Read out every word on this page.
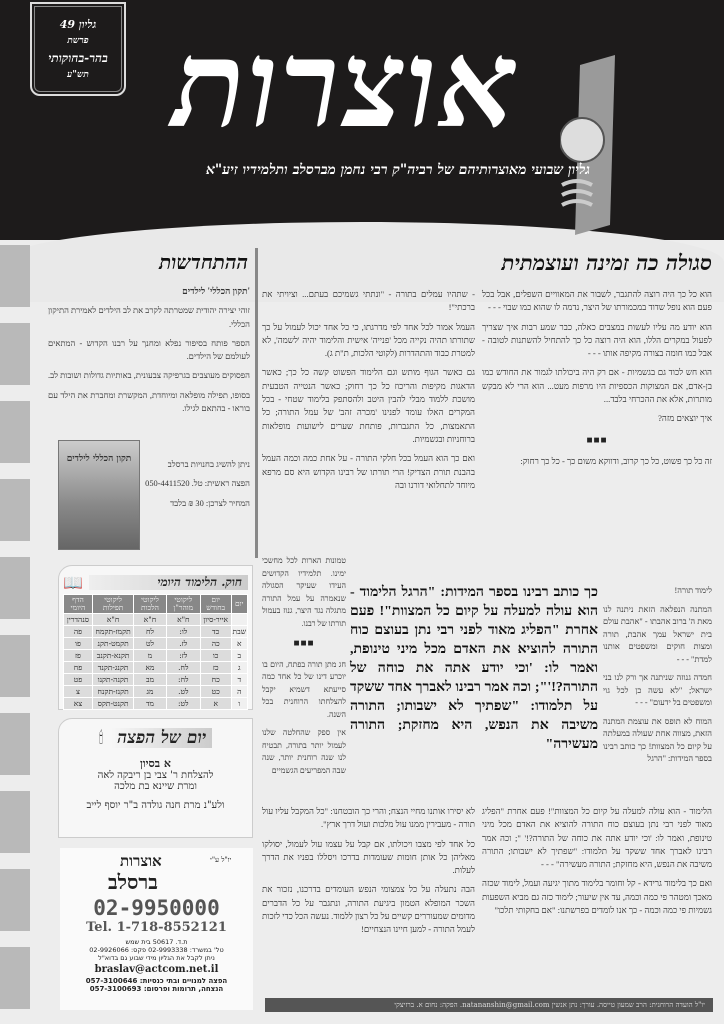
גליון 49
פרשת
בהר-בחוקותי
תש"ע אוצרות
גליון שבועי מאוצרותיהם של רביה"ק רבי נחמן מברסלב ותלמידיו זיע"א
סגולה כה זמינה ועוצמתית

הוא כל כך היה רוצה להתגבר, לשבור את המאוויים השפלים, אבל בכל פעם הוא נופל שדוד במכמורתו של היצר, נדמה לו שהוא כמו שבוי - - -

הוא יודע מה עליו לעשות במצבים כאלה, כבר שמע רבות איך שצריך לפעול במקרים הללו, הוא היה רוצה כל כך להתחיל להשתנות לטובה - אבל כמו חומה בצורה מקיפה אותו - - -

הוא חש לכוד גם בגשמיות - אם רק היה ביכולתו לגמור את החודש כמו בן-אדם, אם המצוקות הכספיות היו מרפות מעט... הוא הרי לא מבקש מותרות, אלא את ההכרחי בלבד...

איך יוצאים מזה?

■■■

זה כל כך פשוט, כל כך קרוב, ודווקא משום כך - כל כך רחוק:

לימוד תורה!

המתנה הנפלאה הזאת ניתנה לנו מאת ה' ברוב אהבתו - "אהבת עולם בית ישראל עמך אהבת, תורה ומצות חוקים ומשפטים אותנו למדת" - - -

חמדה גנוזה שניתנה אך ורק לנו בני ישראל; "לא עשה כן לכל גוי ומשפטים בל ידעום" - - -

המוח לא תופס את עוצמת המתנה הזאת, מצווה אחת שעולה במעלתה על קיום כל המצוות! כך כותב רבינו בספר המידות: "הרגל

הלימוד - הוא עולה למעלה על קיום כל המצוות"! פעם אחרת "הפליג מאוד לפני רבי נתן בעוצם כוח התורה להוציא את האדם מכל מיני טינופת, ואמר לו: 'וכי יודע אתה את כוחה של התורה?!' "; וכה אמר רבינו לאברך אחד ששקד על תלמודו: "שפתיך לא ישבותו; התורה משיבה את הנפש, היא מחזקת; התורה מעשירה" - - -

ואם כך בלימוד גרידא - קל וחומר בלימוד מתוך יגיעה ועמל, לימוד שכזה מאכך ומטהר פי כמה וכמה, עד אין שיעור; לימוד כזה גם מביא השפעות גשמיות פי כמה וכמה - כך אנו לומדים בפרשתנו: "אם בחקותי תלכו"

- שתהיו עמלים בתורה - "ונתתי גשמיכם בעתם... וציויתי את ברכתי"!

העמל אמור לכל אחד לפי מדרגתו, כי כל אחד יכול לעמול על כך שתורתו תהיה נקייה מכל 'פנייה' אישית והלימוד יהיה 'לשמה', לא למטרת כבוד והתהדרות (לקוטי הלכות, ת"ת ג).

גם כאשר הגוף מותש וגם הלימוד הפשוט קשה כל כך; כאשר הדאגות מקיפות והריכוז כל כך רחוק; כאשר הנטייה הטבעית מושכת ללמוד מבלי להבין היטב ולהסתפק בלימוד שטחי - בכל המקרים האלו עומד לפנינו 'מכרה זהב' של עמל התורה; כל התאמצות, כל התגברות, פותחת שערים לישועות מופלאות ברוחניות ובגשמיות.

ואם כך הוא העמל בכל חלקי התורה - על אחת כמה וכמה העמל בהבנת תורת הצדיק! הרי תורתו של רבינו הקדוש היא סם מרפא מיוחד לתחלואי דורנו ובה

טמונות הארות לכל מחשכי ימינו. תלמידיו הקדושים העידו שעיקר הסגולה שנאמרה על עמל התורה מתגלה נגד היצר, גנוז בעמול תורתו של רבנו.

■■■

חג מתן תורה בפתח, היום בו יוכרע דינו של כל אחד כמה סייעתא דשמיא יקבל להצלחתו הרוחנית בכל השנה.

אין ספק שהחלטה שלנו לעמול יותר בתורה, תבטיח לנו שנה רוחנית יותר, שנה שבה המפריעים הגשמיים

כך כותב רבינו בספר המידות: "הרגל הלימוד - הוא עולה למעלה על קיום כל המצוות"! פעם אחרת "הפליג מאוד לפני רבי נתן בעוצם כוח התורה להוציא את האדם מכל מיני טינופת, ואמר לו: 'וכי יודע אתה את כוחה של התורה?!'"; וכה אמר רבינו לאברך אחד ששקד על תלמודו: "שפתיך לא ישבותו; התורה משיבה את הנפש, היא מחזקת; התורה מעשירה"

לא יסירו אותנו מחיי הנצח; והרי כך הובטחנו: "כל המקבל עליו עול תורה - מעבירין ממנו עול מלכות ועול דרך ארץ".

כל אחד לפי מצבו ויכולתו, אם קבל על עצמו עול לעמול, יסולקו מאליהן כל אותן חומות שעומדות בדרכו ויסללו בפניו את הדרך לעלות.

הבה נתעלה על כל צמצומי הנפש העומדים בדרכנו, נזכור את השכר המופלא הטמון ביגיעת התורה, ונתגבר על כל הדברים מדומים שמעוררים קשיים על כל רצון ללמוד. נעשה הכל כדי לזכות לעמל התורה - למען חיינו הנצחיים!

ההתחדשות

'תקון הכללי' לילדים

זוהי יצירה יהודית שמטרתה לקרב את לב הילדים לאמירת התיקון הכללי.

הספר פותח בסיפור נפלא ומחנך על רבנו הקדוש - המתאים לעולמם של הילדים.

הפסוקים מעוצבים בגרפיקה צבעונית, באותיות גדולות ושובות לב.

בסופו, תפילה מופלאה ומיוחדת, המקשרת ומחברת את הילד עם בוראו - בהתאם לגילו.

תקון הכללי לילדים

ניתן להשיג בחנויות ברסלב

הפצה ראשית: טל. 050-4411520

המחיר לצרכן: 30 ₪ בלבד

חוק. הלימוד היומי
📖
יום	יום בחודש	ליקוטי מוהר"ן	ליקוטי הלכות	ליקוטי תפילות	הדף היומי
	אייר-סיון	ח"א	ח"א	ח"א	סנהדרין
שבת	כד	לו:	לח	תקמז-תקמח	פה
א	כה	לז.	לט	תקמט-תקנ	פו
ב	כו	לז:	מ	תקנא-תקנב	פז
ג	כז	לח.	מא	תקנג-תקנד	פח
ד	כח	לח:	מב	תקנה-תקנו	פט
ה	כט	לט.	מג	תקנז-תקנח	צ
ו	א	לט:	מד	תקנט-תקס	צא
יום של הפצה
🕯
א בסיון
להצלחת ר' צבי בן ריבקה לאה
ומרת שיינא בת מלכה
ולע"נ מרת חנה גולדה ב"ר יוסף לייב
יו"ל ע"י
אוצרות
ברסלב
02-9950000
Tel. 1-718-8552121
ת.ד. 50617 בית שמש
טל' במשרד: 02-9993338 פקס: 02-9926066
ניתן לקבל את הגליון מידי שבוע גם בדוא"ל
braslav@actcom.net.il
הפצה למנויים ובתי כנסיות: 057-3100646
הנצחה, תרומות ופרסום: 057-3100693
יו"ל הועדה הרוחנית: הרב שמעון טייסה. עורך: נתן אנשין natananshin@gmail.com. הפקה: נחום א. ברזיצקי
